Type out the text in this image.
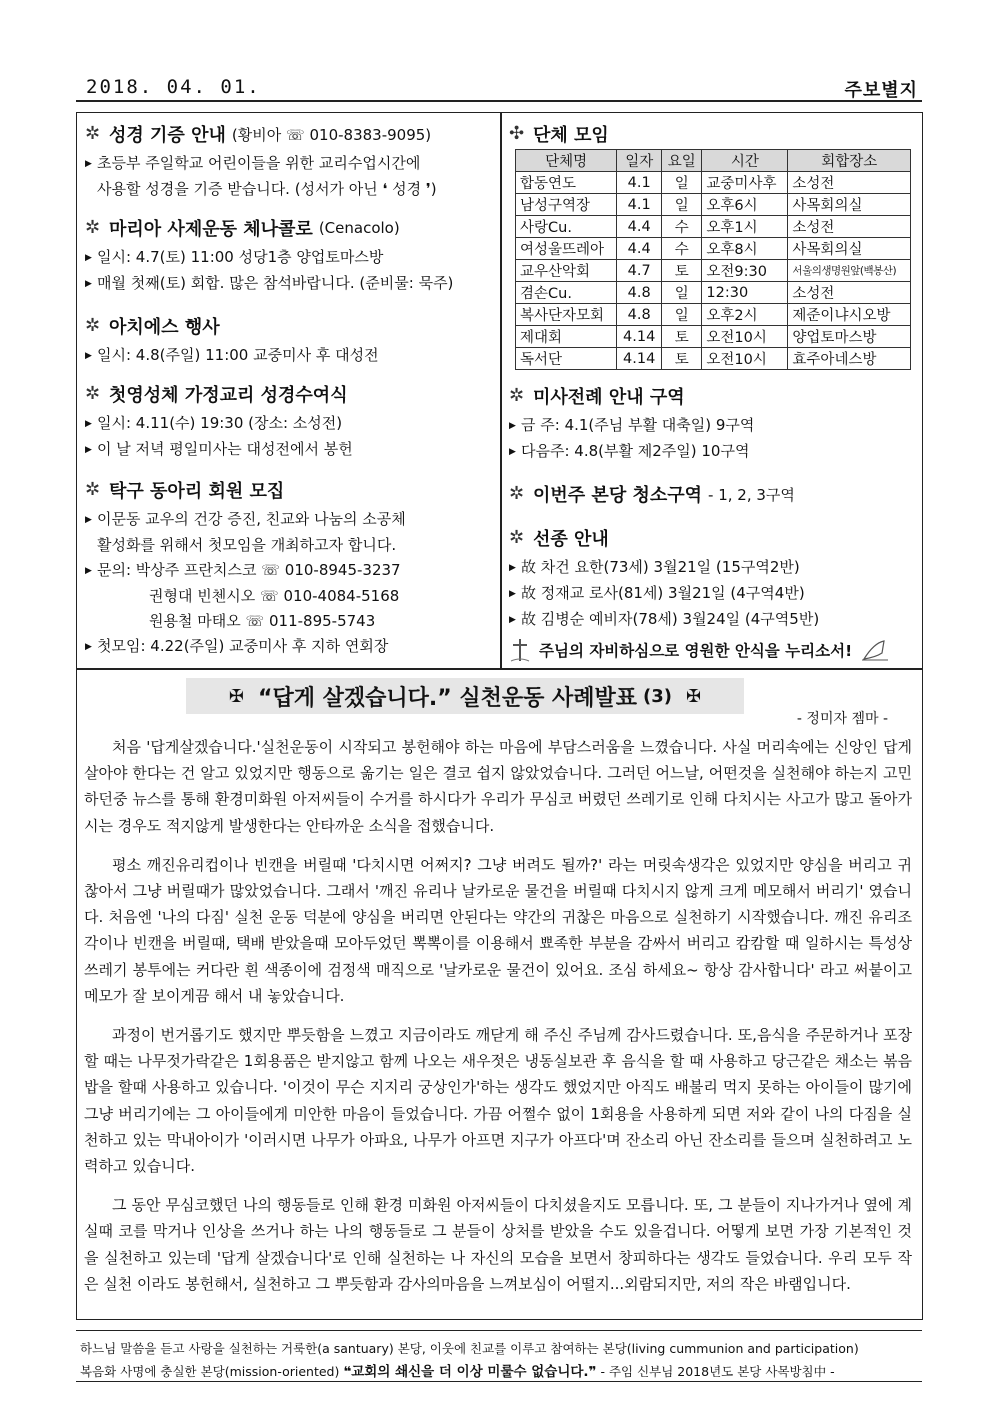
2018. 04. 01.	주보별지
✲ 성경 기증 안내 (황비아 ☏ 010-8383-9095)
▶ 초등부 주일학교 어린이들을 위한 교리수업시간에
사용할 성경을 기증 받습니다. (성서가 아닌 ❛ 성경 ❜)
✲ 마리아 사제운동 체나콜로 (Cenacolo)
▶ 일시: 4.7(토) 11:00 성당1층 양업토마스방
▶ 매월 첫째(토) 회합. 많은 참석바랍니다. (준비물: 묵주)
✲ 아치에스 행사
▶ 일시: 4.8(주일) 11:00 교중미사 후 대성전
✲ 첫영성체 가정교리 성경수여식
▶ 일시: 4.11(수) 19:30 (장소: 소성전)
▶ 이 날 저녁 평일미사는 대성전에서 봉헌
✲ 탁구 동아리 회원 모집
▶ 이문동 교우의 건강 증진, 친교와 나눔의 소공체
활성화를 위해서 첫모임을 개최하고자 합니다.
▶ 문의: 박상주 프란치스코 ☏ 010-8945-3237
권형대 빈첸시오 ☏ 010-4084-5168
원용철 마태오 ☏ 011-895-5743
▶ 첫모임: 4.22(주일) 교중미사 후 지하 연회장
✣ 단체 모임
단체명	일자	요일	시간	회합장소
합동연도	4.1	일	교중미사후	소성전
남성구역장	4.1	일	오후6시	사목회의실
사랑Cu.	4.4	수	오후1시	소성전
여성울뜨레아	4.4	수	오후8시	사목회의실
교우산악회	4.7	토	오전9:30	서울의생명원앞(백봉산)
겸손Cu.	4.8	일	12:30	소성전
복사단자모회	4.8	일	오후2시	제준이냐시오방
제대회	4.14	토	오전10시	양업토마스방
독서단	4.14	토	오전10시	효주아네스방
✲ 미사전례 안내 구역
▶ 금 주: 4.1(주님 부활 대축일) 9구역
▶ 다음주: 4.8(부활 제2주일) 10구역
✲ 이번주 본당 청소구역 - 1, 2, 3구역
✲ 선종 안내
▶ 故 차건 요한(73세) 3월21일 (15구역2반)
▶ 故 정재교 로사(81세) 3월21일 (4구역4반)
▶ 故 김병순 예비자(78세) 3월24일 (4구역5반)
주님의 자비하심으로 영원한 안식을 누리소서!
✠ “답게 살겠습니다.” 실천운동 사례발표 (3) ✠
- 정미자 젬마 -

처음 '답게살겠습니다.'실천운동이 시작되고 봉헌해야 하는 마음에 부담스러움을 느꼈습니다. 사실 머리속에는 신앙인 답게 살아야 한다는 건 알고 있었지만 행동으로 옮기는 일은 결코 쉽지 않았었습니다. 그러던 어느날, 어떤것을 실천해야 하는지 고민 하던중 뉴스를 통해 환경미화원 아저씨들이 수거를 하시다가 우리가 무심코 버렸던 쓰레기로 인해 다치시는 사고가 많고 돌아가시는 경우도 적지않게 발생한다는 안타까운 소식을 접했습니다.

평소 깨진유리컵이나 빈캔을 버릴때 '다치시면 어쩌지? 그냥 버려도 될까?' 라는 머릿속생각은 있었지만 양심을 버리고 귀찮아서 그냥 버릴때가 많았었습니다. 그래서 '깨진 유리나 날카로운 물건을 버릴때 다치시지 않게 크게 메모해서 버리기' 였습니다. 처음엔 '나의 다짐' 실천 운동 덕분에 양심을 버리면 안된다는 약간의 귀찮은 마음으로 실천하기 시작했습니다. 깨진 유리조각이나 빈캔을 버릴때, 택배 받았을때 모아두었던 뽁뽁이를 이용해서 뾰족한 부분을 감싸서 버리고 캄캄할 때 일하시는 특성상 쓰레기 봉투에는 커다란 흰 색종이에 검정색 매직으로 '날카로운 물건이 있어요. 조심 하세요~ 항상 감사합니다' 라고 써붙이고 메모가 잘 보이게끔 해서 내 놓았습니다.

과정이 번거롭기도 했지만 뿌듯함을 느꼈고 지금이라도 깨닫게 해 주신 주님께 감사드렸습니다. 또,음식을 주문하거나 포장할 때는 나무젓가락같은 1회용품은 받지않고 함께 나오는 새우젓은 냉동실보관 후 음식을 할 때 사용하고 당근같은 채소는 볶음밥을 할때 사용하고 있습니다. '이것이 무슨 지지리 궁상인가'하는 생각도 했었지만 아직도 배불리 먹지 못하는 아이들이 많기에 그냥 버리기에는 그 아이들에게 미안한 마음이 들었습니다. 가끔 어쩔수 없이 1회용을 사용하게 되면 저와 같이 나의 다짐을 실천하고 있는 막내아이가 '이러시면 나무가 아파요, 나무가 아프면 지구가 아프다'며 잔소리 아닌 잔소리를 들으며 실천하려고 노력하고 있습니다.

그 동안 무심코했던 나의 행동들로 인해 환경 미화원 아저씨들이 다치셨을지도 모릅니다. 또, 그 분들이 지나가거나 옆에 계실때 코를 막거나 인상을 쓰거나 하는 나의 행동들로 그 분들이 상처를 받았을 수도 있을겁니다. 어떻게 보면 가장 기본적인 것을 실천하고 있는데 '답게 살겠습니다'로 인해 실천하는 나 자신의 모습을 보면서 창피하다는 생각도 들었습니다. 우리 모두 작은 실천 이라도 봉헌해서, 실천하고 그 뿌듯함과 감사의마음을 느껴보심이 어떨지...외람되지만, 저의 작은 바램입니다.

하느님 말씀을 듣고 사랑을 실천하는 거룩한(a santuary) 본당, 이웃에 친교를 이루고 참여하는 본당(living cummunion and participation)
복음화 사명에 충실한 본당(mission-oriented) ❝교회의 쇄신을 더 이상 미룰수 없습니다.❞ - 주임 신부님 2018년도 본당 사목방침中 -
